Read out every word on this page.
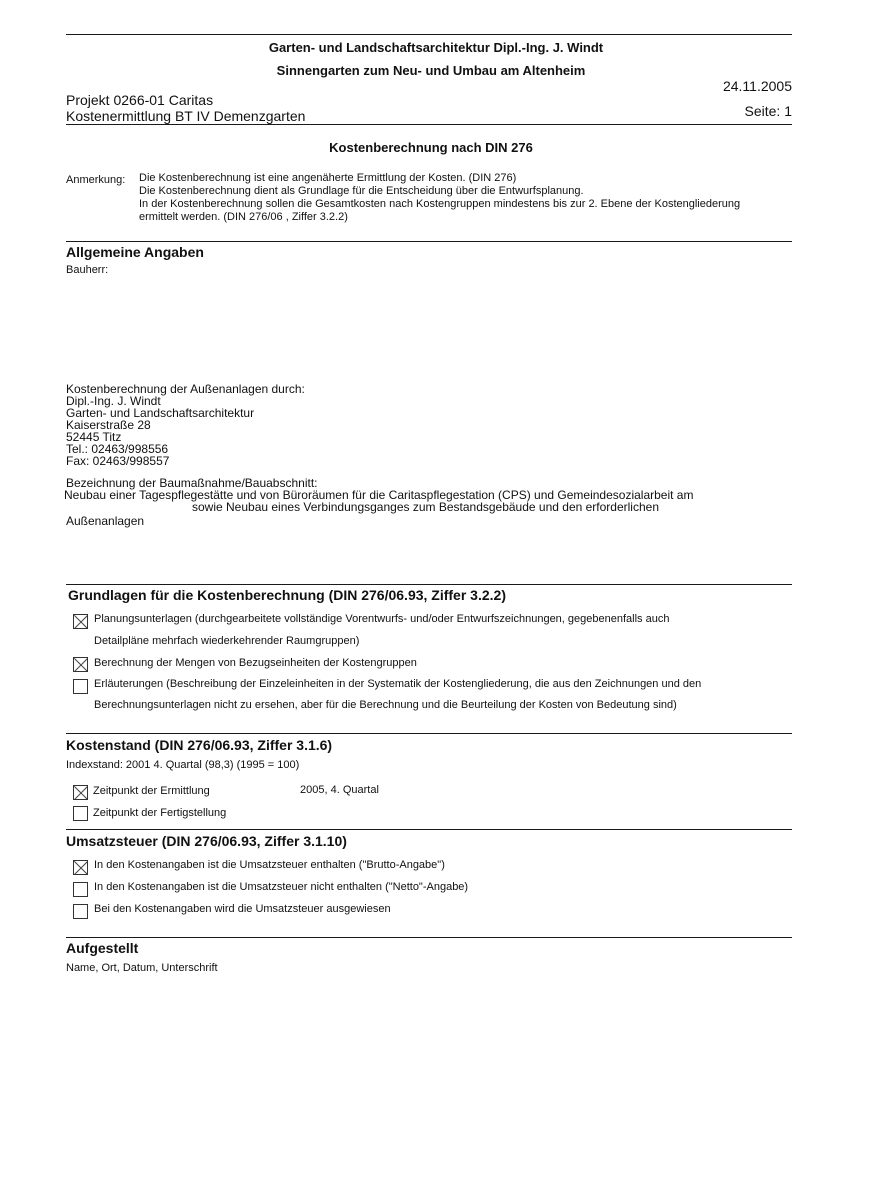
Garten- und Landschaftsarchitektur Dipl.-Ing. J. Windt
Sinnengarten zum Neu- und Umbau am Altenheim
24.11.2005
Seite: 1
Projekt 0266-01 Caritas
Kostenermittlung BT IV Demenzgarten
Kostenberechnung nach DIN 276
Anmerkung: Die Kostenberechnung ist eine angenäherte Ermittlung der Kosten. (DIN 276)
Die Kostenberechnung dient als Grundlage für die Entscheidung über die Entwurfsplanung.
In der Kostenberechnung sollen die Gesamtkosten nach Kostengruppen mindestens bis zur 2. Ebene der Kostengliederung
ermittelt werden. (DIN 276/06 , Ziffer 3.2.2)
Allgemeine Angaben
Bauherr:
Kostenberechnung der Außenanlagen durch:
Dipl.-Ing. J. Windt
Garten- und Landschaftsarchitektur
Kaiserstraße 28
52445 Titz
Tel.: 02463/998556
Fax: 02463/998557
Bezeichnung der Baumaßnahme/Bauabschnitt:
Neubau einer Tagespflegestätte und von Büroräumen für die Caritaspflegestation (CPS) und Gemeindesozialarbeit am
sowie Neubau eines Verbindungsganges zum Bestandsgebäude und den erforderlichen
Außenanlagen
Grundlagen für die Kostenberechnung (DIN 276/06.93, Ziffer 3.2.2)
Planungsunterlagen (durchgearbeitete vollständige Vorentwurfs- und/oder Entwurfszeichnungen, gegebenenfalls auch
Detailpläne mehrfach wiederkehrender Raumgruppen)
Berechnung der Mengen von Bezugseinheiten der Kostengruppen
Erläuterungen (Beschreibung der Einzeleinheiten in der Systematik der Kostengliederung, die aus den Zeichnungen und den
Berechnungsunterlagen nicht zu ersehen, aber für die Berechnung und die Beurteilung der Kosten von Bedeutung sind)
Kostenstand (DIN 276/06.93, Ziffer 3.1.6)
Indexstand: 2001 4. Quartal (98,3) (1995 = 100)
Zeitpunkt der Ermittlung	2005, 4. Quartal
Zeitpunkt der Fertigstellung
Umsatzsteuer (DIN 276/06.93, Ziffer 3.1.10)
In den Kostenangaben ist die Umsatzsteuer enthalten ("Brutto-Angabe")
In den Kostenangaben ist die Umsatzsteuer nicht enthalten ("Netto"-Angabe)
Bei den Kostenangaben wird die Umsatzsteuer ausgewiesen
Aufgestellt
Name, Ort, Datum, Unterschrift
